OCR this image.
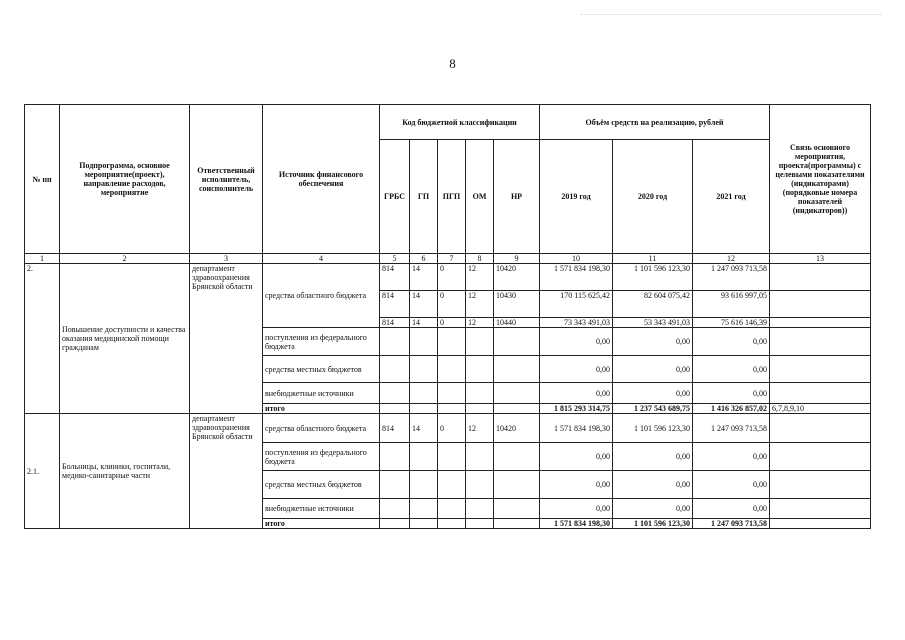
8
№ пп	Подпрограмма, основное мероприятие(проект), направление расходов, мероприятие	Ответственный исполнитель, соисполнитель	Источник финансового обеспечения	Код бюджетной классификации					Объём средств на реализацию, рублей			Связь основного мероприятия, проекта(программы) с целевыми показателями (индикаторами) (порядковые номера показателей (индикаторов))
				ГРБС	ГП	ПГП	ОМ	НР	2019 год	2020 год	2021 год	
1	2	3	4	5	6	7	8	9	10	11	12	13
2.	Повышение доступности и качества оказания медицинской помощи гражданам	департамент здравоохранения Брянской области	средства областного бюджета	814	14	0	12	10420	1 571 834 198,30	1 101 596 123,30	1 247 093 713,58	
				814	14	0	12	10430	170 115 625,42	82 604 075,42	93 616 997,05	
				814	14	0	12	10440	73 343 491,03	53 343 491,03	75 616 146,39	
			поступления из федерального бюджета						0,00	0,00	0,00	
			средства местных бюджетов						0,00	0,00	0,00	
			внебюджетные источники						0,00	0,00	0,00	
			итого						1 815 293 314,75	1 237 543 689,75	1 416 326 857,02	6,7,8,9,10
2.1.	Больницы, клиники, госпитали, медико-санитарные части	департамент здравоохранения Брянской области	средства областного бюджета	814	14	0	12	10420	1 571 834 198,30	1 101 596 123,30	1 247 093 713,58	
			поступления из федерального бюджета						0,00	0,00	0,00	
			средства местных бюджетов						0,00	0,00	0,00	
			внебюджетные источники						0,00	0,00	0,00	
			итого						1 571 834 198,30	1 101 596 123,30	1 247 093 713,58	
